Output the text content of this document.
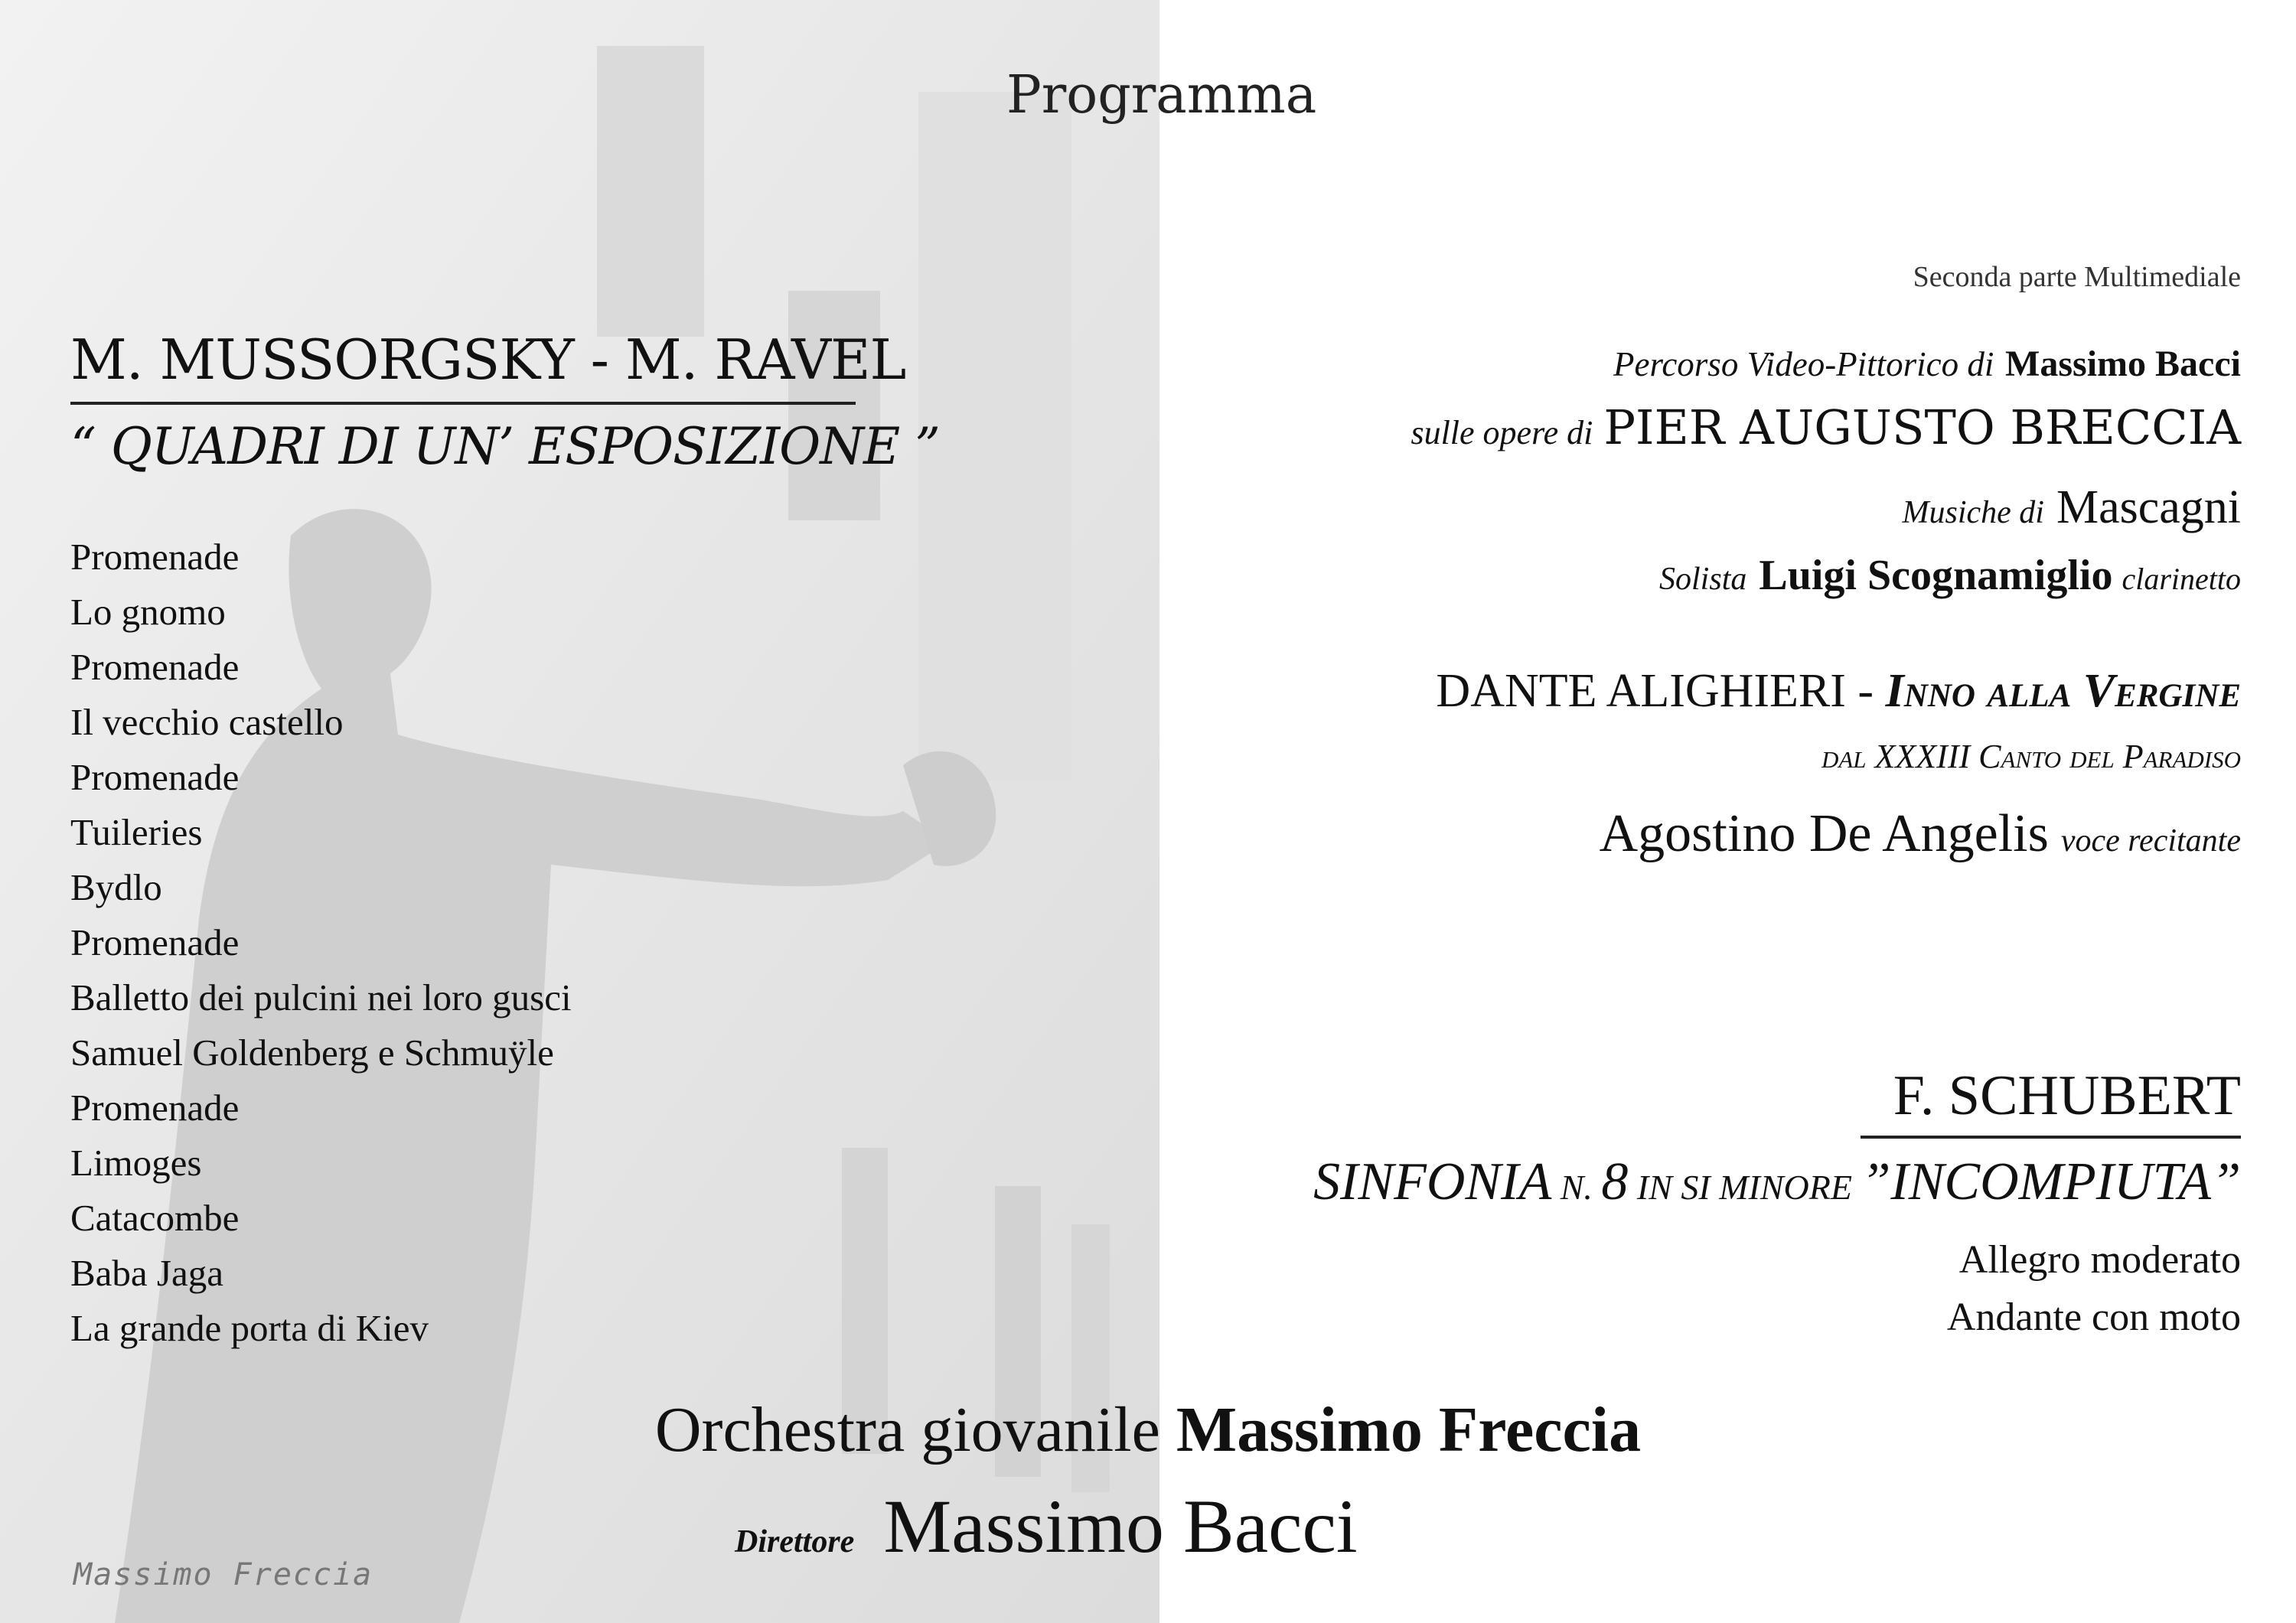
Programma
M. MUSSORGSKY - M. RAVEL
“ QUADRI DI UN’ ESPOSIZIONE ”
Promenade
Lo gnomo
Promenade
Il vecchio castello
Promenade
Tuileries
Bydlo
Promenade
Balletto dei pulcini nei loro gusci
Samuel Goldenberg e Schmuÿle
Promenade
Limoges
Catacombe
Baba Jaga
La grande porta di Kiev
Seconda parte Multimediale
Percorso Video-Pittorico di Massimo Bacci
sulle opere di PIER AUGUSTO BRECCIA
Musiche di Mascagni
Solista Luigi Scognamiglio clarinetto
DANTE ALIGHIERI - Inno alla Vergine
dal XXXIII Canto del Paradiso
Agostino De Angelis voce recitante
F. SCHUBERT
SINFONIA N. 8 IN SI MINORE ”INCOMPIUTA”
Allegro moderato
Andante con moto
Orchestra giovanile Massimo Freccia
Direttore Massimo Bacci
Massimo Freccia
